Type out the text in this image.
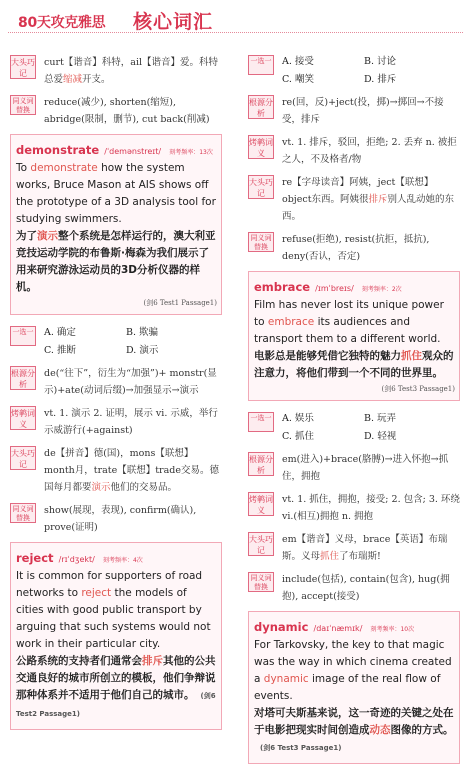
80天攻克雅思 核心词汇
大头巧记
curt【谐音】科特，ail【谐音】爱。科特总爱缩减开支。
同义词替换
reduce(减少), shorten(缩短), abridge(限制，删节), cut back(削减)
demonstrate /ˈdemənstreɪt/ 刻考频率：13次
To demonstrate how the system works, Bruce Mason at AIS shows off the prototype of a 3D analysis tool for studying swimmers.
为了演示整个系统是怎样运行的，澳大利亚竞技运动学院的布鲁斯·梅森为我们展示了用来研究游泳运动员的3D分析仪器的样机。
(剑6 Test1 Passage1)
一选一 A. 确定	B. 欺骗
C. 推断	D. 演示
根源分析
de(“往下”，衍生为“加强”)+ monstr(显示)+ate(动词后缀)→加强显示→演示
烤鹌词义
vt. 1. 演示 2. 证明，展示 vi. 示威，举行示威游行(+against)
大头巧记
de【拼音】德(国)，mons【联想】month月，trate【联想】trade交易。德国每月都要演示他们的交易品。
同义词替换
show(展现，表现), confirm(确认), prove(证明)
reject /rɪˈdʒekt/ 刻考频率：4次
It is common for supporters of road networks to reject the models of cities with good public transport by arguing that such systems would not work in their particular city.
公路系统的支持者们通常会排斥其他的公共交通良好的城市所创立的模板，他们争辩说那种体系并不适用于他们自己的城市。 (剑6 Test2 Passage1)
一选一 A. 接受	B. 讨论
C. 嘲笑	D. 排斥
根源分析
re(回，反)+ject(投，掷)→掷回→不接受，排斥
烤鹌词义
vt. 1. 排斥，驳回，拒绝; 2. 丢弃 n. 被拒之人，不及格者/物
大头巧记
re【字母读音】阿姨，ject【联想】object东西。阿姨很排斥别人乱动她的东西。
同义词替换
refuse(拒绝), resist(抗拒，抵抗), deny(否认，否定)
embrace /ɪmˈbreɪs/ 刻考频率：2次
Film has never lost its unique power to embrace its audiences and transport them to a different world.
电影总是能够凭借它独特的魅力抓住观众的注意力，将他们带到一个不同的世界里。
(剑6 Test3 Passage1)
一选一 A. 娱乐	B. 玩弄
C. 抓住	D. 轻视
根源分析
em(进入)+brace(胳膊)→进入怀抱→抓住，拥抱
烤鹌词义
vt. 1. 抓住，拥抱，接受; 2. 包含; 3. 环绕 vi.(相互)拥抱 n. 拥抱
大头巧记
em【谐音】义母，brace【英语】布瑞斯。义母抓住了布瑞斯!
同义词替换
include(包括), contain(包含), hug(拥抱), accept(接受)
dynamic /daɪˈnæmɪk/ 刻考频率：10次
For Tarkovsky, the key to that magic was the way in which cinema created a dynamic image of the real flow of events.
对塔可夫斯基来说，这一奇迹的关键之处在于电影把现实时间创造成动态图像的方式。(剑6 Test3 Passage1)
